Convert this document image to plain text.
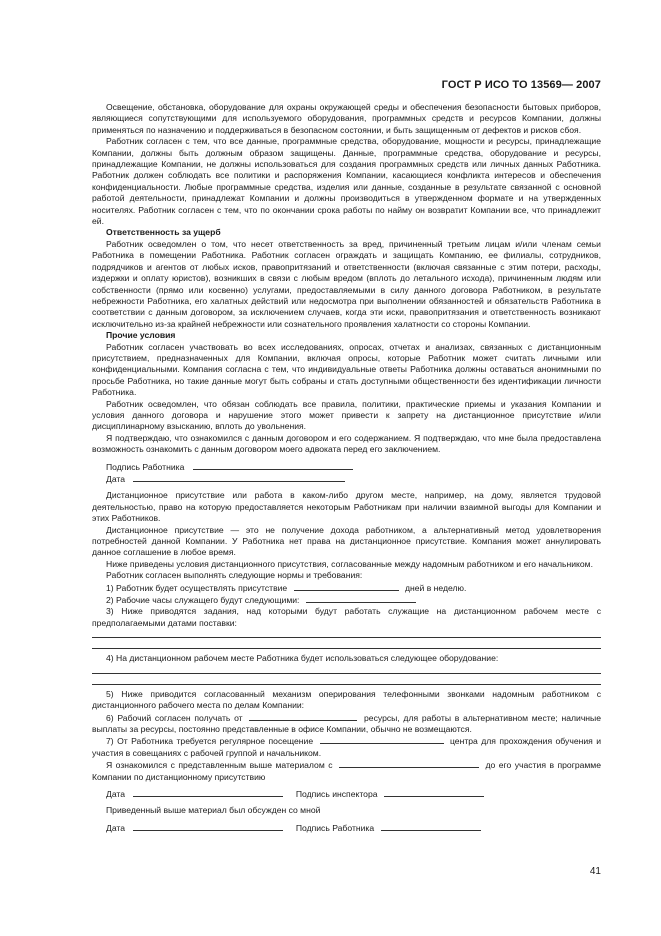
ГОСТ Р ИСО ТО 13569— 2007

Освещение, обстановка, оборудование для охраны окружающей среды и обеспечения безопасности бытовых приборов, являющиеся сопутствующими для используемого оборудования, программных средств и ресурсов Компании, должны применяться по назначению и поддерживаться в безопасном состоянии, и быть защищенным от дефектов и рисков сбоя.

Работник согласен с тем, что все данные, программные средства, оборудование, мощности и ресурсы, принадлежащие Компании, должны быть должным образом защищены. Данные, программные средства, оборудование и ресурсы, принадлежащие Компании, не должны использоваться для создания программных средств или личных данных Работника. Работник должен соблюдать все политики и распоряжения Компании, касающиеся конфликта интересов и обеспечения конфиденциальности. Любые программные средства, изделия или данные, созданные в результате связанной с основной работой деятельности, принадлежат Компании и должны производиться в утвержденном формате и на утвержденных носителях. Работник согласен с тем, что по окончании срока работы по найму он возвратит Компании все, что принадлежит ей.

Ответственность за ущерб

Работник осведомлен о том, что несет ответственность за вред, причиненный третьим лицам и/или членам семьи Работника в помещении Работника. Работник согласен ограждать и защищать Компанию, ее филиалы, сотрудников, подрядчиков и агентов от любых исков, правопритязаний и ответственности (включая связанные с этим потери, расходы, издержки и оплату юристов), возникших в связи с любым вредом (вплоть до летального исхода), причиненным людям или собственности (прямо или косвенно) услугами, предоставляемыми в силу данного договора Работником, в результате небрежности Работника, его халатных действий или недосмотра при выполнении обязанностей и обязательств Работника в соответствии с данным договором, за исключением случаев, когда эти иски, правопритязания и ответственность возникают исключительно из-за крайней небрежности или сознательного проявления халатности со стороны Компании.

Прочие условия

Работник согласен участвовать во всех исследованиях, опросах, отчетах и анализах, связанных с дистанционным присутствием, предназначенных для Компании, включая опросы, которые Работник может считать личными или конфиденциальными. Компания согласна с тем, что индивидуальные ответы Работника должны оставаться анонимными по просьбе Работника, но такие данные могут быть собраны и стать доступными общественности без идентификации личности Работника.

Работник осведомлен, что обязан соблюдать все правила, политики, практические приемы и указания Компании и условия данного договора и нарушение этого может привести к запрету на дистанционное присутствие и/или дисциплинарному взысканию, вплоть до увольнения.

Я подтверждаю, что ознакомился с данным договором и его содержанием. Я подтверждаю, что мне была предоставлена возможность ознакомить с данным договором моего адвоката перед его заключением.

Подпись Работника
Дата

Дистанционное присутствие или работа в каком-либо другом месте, например, на дому, является трудовой деятельностью, право на которую предоставляется некоторым Работникам при наличии взаимной выгоды для Компании и этих Работников.

Дистанционное присутствие — это не получение дохода работником, а альтернативный метод удовлетворения потребностей данной Компании. У Работника нет права на дистанционное присутствие. Компания может аннулировать данное соглашение в любое время.

Ниже приведены условия дистанционного присутствия, согласованные между надомным работником и его начальником.

Работник согласен выполнять следующие нормы и требования:

1) Работник будет осуществлять присутствие	дней в неделю.
2) Рабочие часы служащего будут следующими:

3) Ниже приводятся задания, над которыми будут работать служащие на дистанционном рабочем месте с предполагаемыми датами поставки:

4) На дистанционном рабочем месте Работника будет использоваться следующее оборудование:

5) Ниже приводится согласованный механизм оперирования телефонными звонками надомным работником с дистанционного рабочего места по делам Компании:

6) Рабочий согласен получать от	ресурсы, для работы в альтернативном месте; наличные выплаты за ресурсы, постоянно представленные в офисе Компании, обычно не возмещаются.

7) От Работника требуется регулярное посещение	центра для прохождения обучения и участия в совещаниях с рабочей группой и начальником.

Я ознакомился с представленным выше материалом с	до его участия в программе Компании по дистанционному присутствию

Дата	Подпись инспектора
Приведенный выше материал был обсужден со мной
Дата	Подпись Работника
41
